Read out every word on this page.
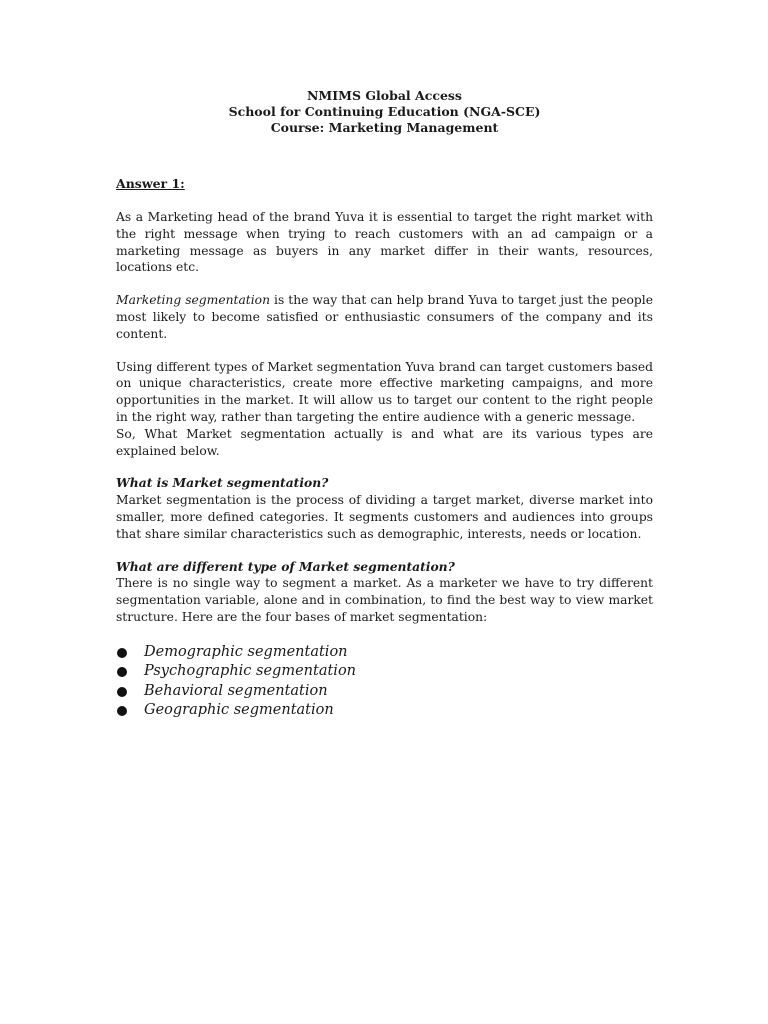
NMIMS Global Access
School for Continuing Education (NGA-SCE)
Course: Marketing Management
Answer 1:

As a Marketing head of the brand Yuva it is essential to target the right market with the right message when trying to reach customers with an ad campaign or a marketing message as buyers in any market differ in their wants, resources, locations etc.

Marketing segmentation is the way that can help brand Yuva to target just the people most likely to become satisfied or enthusiastic consumers of the company and its content.

Using different types of Market segmentation Yuva brand can target customers based on unique characteristics, create more effective marketing campaigns, and more opportunities in the market. It will allow us to target our content to the right people in the right way, rather than targeting the entire audience with a generic message.

So, What Market segmentation actually is and what are its various types are explained below.

What is Market segmentation?

Market segmentation is the process of dividing a target market, diverse market into smaller, more defined categories. It segments customers and audiences into groups that share similar characteristics such as demographic, interests, needs or location.

What are different type of Market segmentation?

There is no single way to segment a market. As a marketer we have to try different segmentation variable, alone and in combination, to find the best way to view market structure. Here are the four bases of market segmentation:

Demographic segmentation
Psychographic segmentation
Behavioral segmentation
Geographic segmentation
